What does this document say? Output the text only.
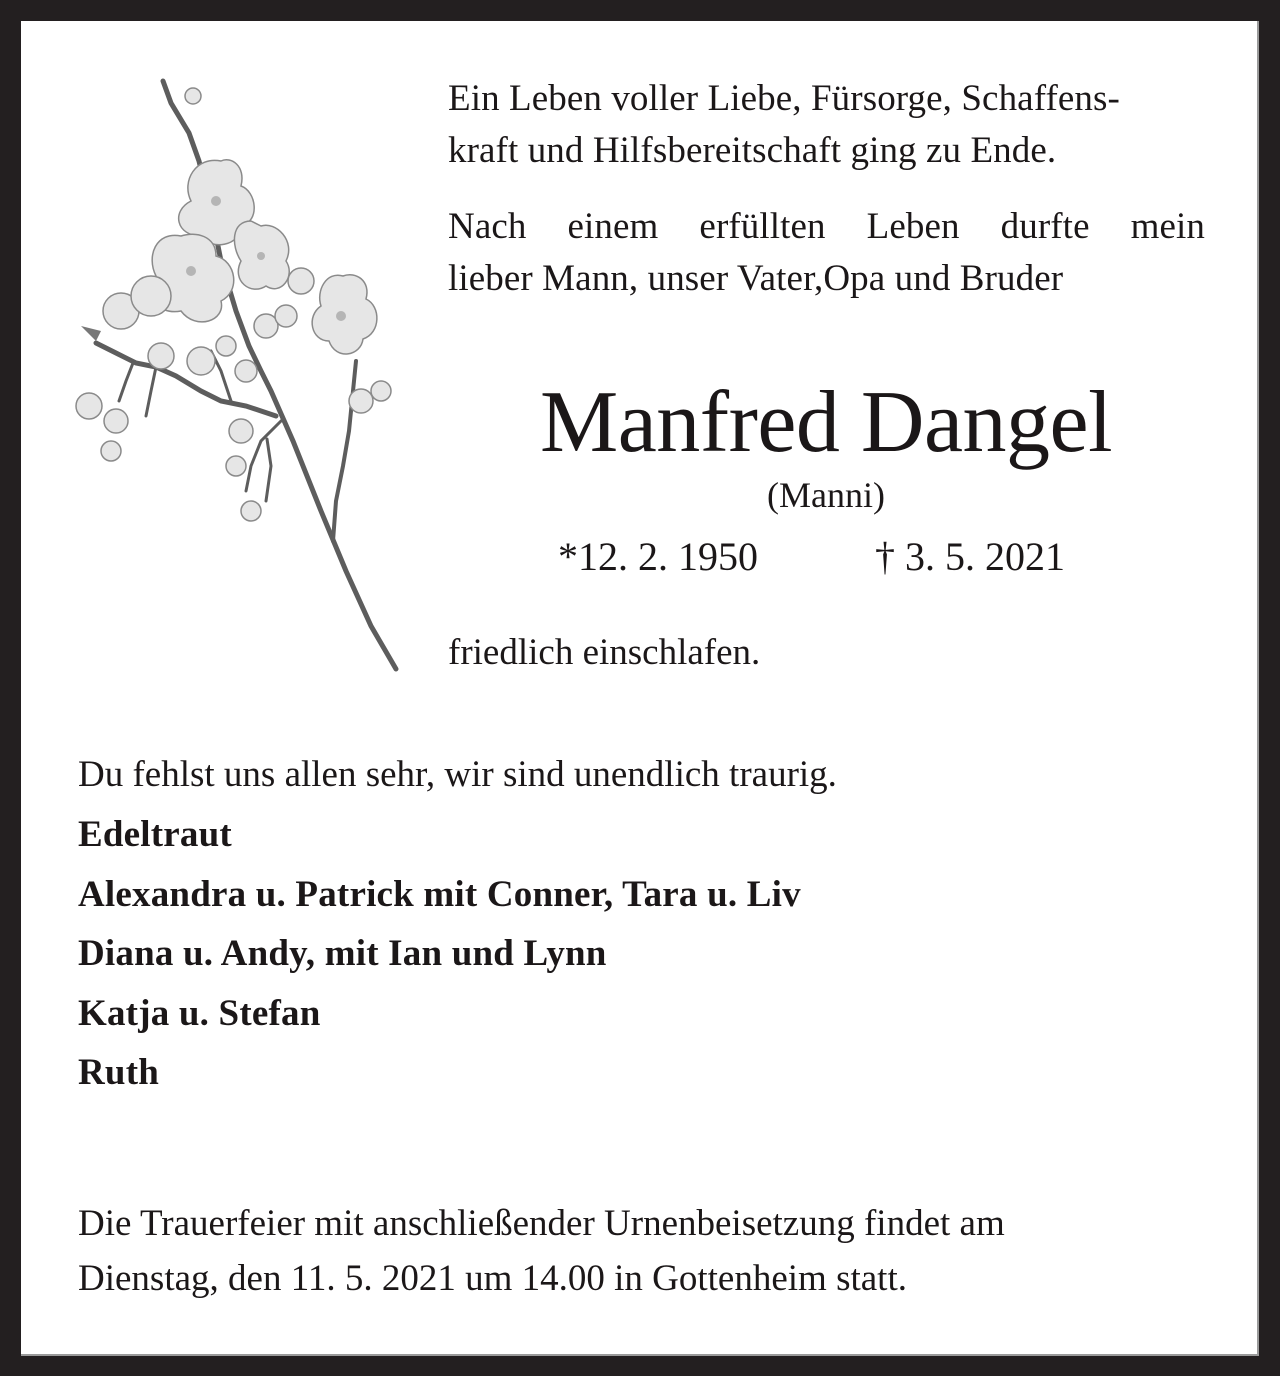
Ein Leben voller Liebe, Fürsorge, Schaffens-
kraft und Hilfsbereitschaft ging zu Ende.

Nach einem erfüllten Leben durfte mein
lieber Mann, unser Vater,Opa und Bruder

Manfred Dangel
(Manni)
*12. 2. 1950	† 3. 5. 2021
friedlich einschlafen.
Du fehlst uns allen sehr, wir sind unendlich traurig.
Edeltraut
Alexandra u. Patrick mit Conner, Tara u. Liv
Diana u. Andy, mit Ian und Lynn
Katja u. Stefan
Ruth
Die Trauerfeier mit anschließender Urnenbeisetzung findet am
Dienstag, den 11. 5. 2021 um 14.00 in Gottenheim statt.
